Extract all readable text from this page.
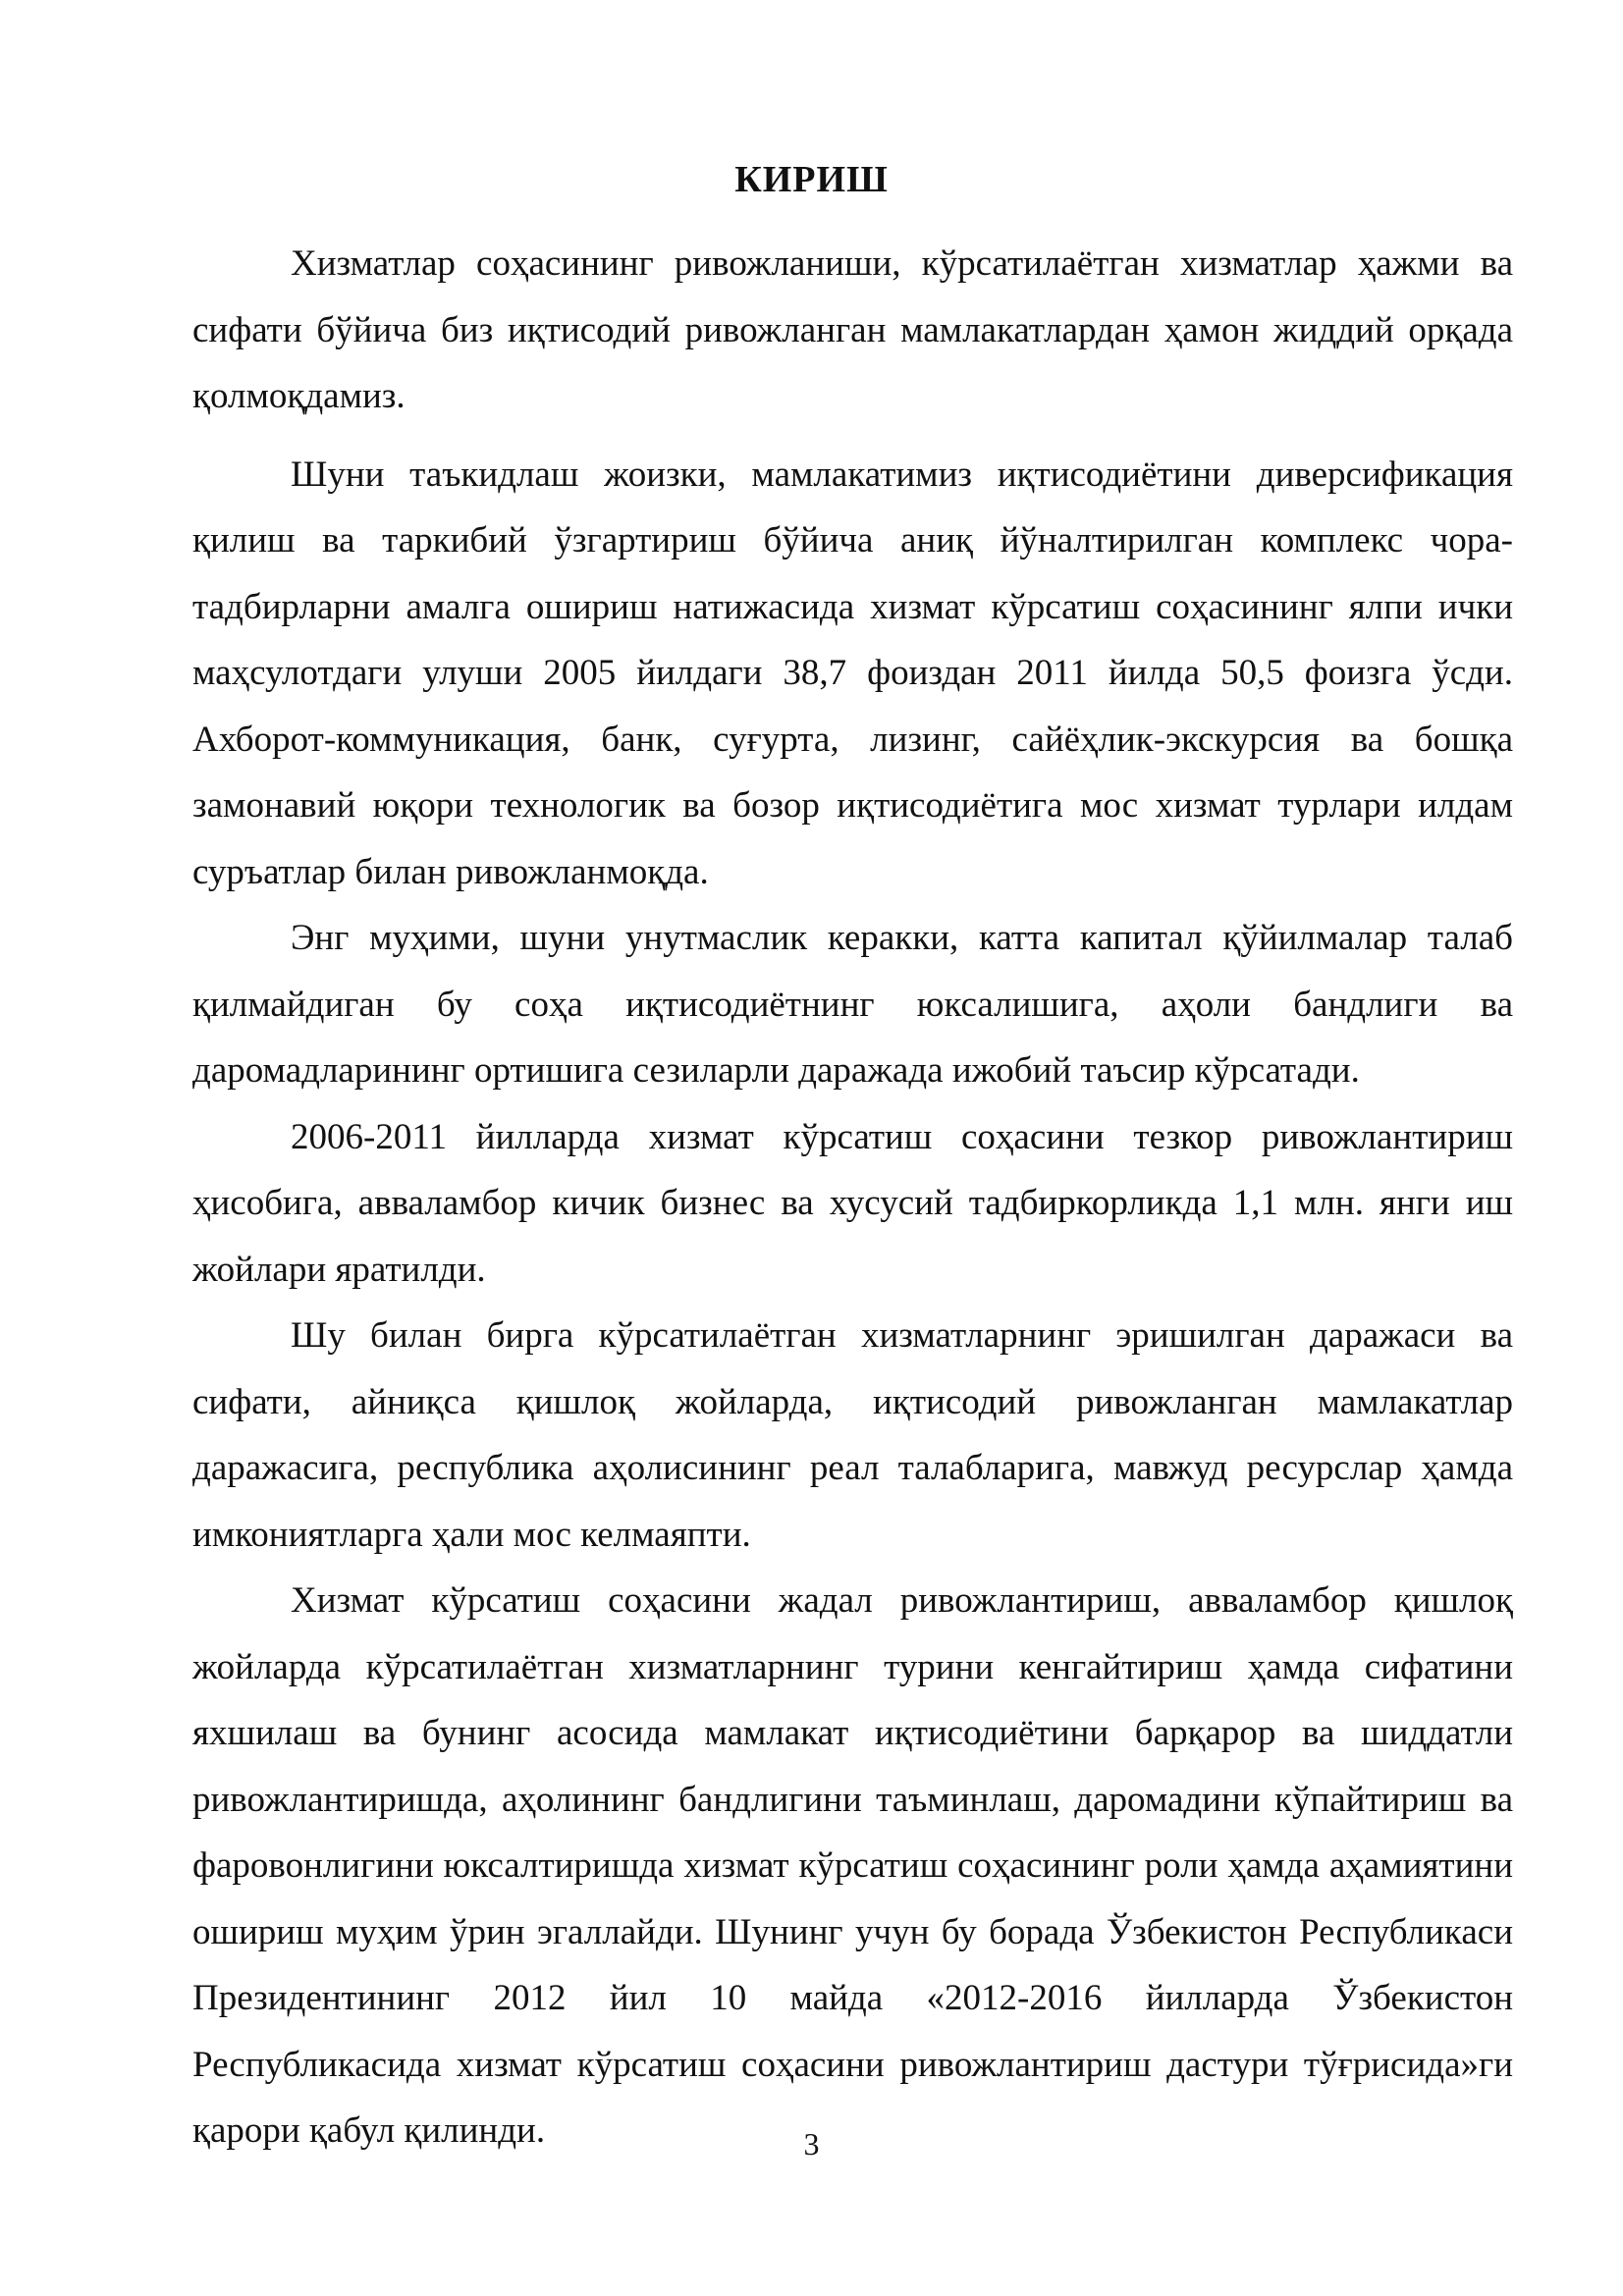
КИРИШ

Хизматлар соҳасининг ривожланиши, кўрсатилаётган хизматлар ҳажми ва сифати бўйича биз иқтисодий ривожланган мамлакатлардан ҳамон жиддий орқада қолмоқдамиз.

Шуни таъкидлаш жоизки, мамлакатимиз иқтисодиётини диверсификация қилиш ва таркибий ўзгартириш бўйича аниқ йўналтирилган комплекс чора-тадбирларни амалга ошириш натижасида хизмат кўрсатиш соҳасининг ялпи ички маҳсулотдаги улуши 2005 йилдаги 38,7 фоиздан 2011 йилда 50,5 фоизга ўсди. Ахборот-коммуникация, банк, суғурта, лизинг, сайёҳлик-экскурсия ва бошқа замонавий юқори технологик ва бозор иқтисодиётига мос хизмат турлари илдам суръатлар билан ривожланмоқда.

Энг муҳими, шуни унутмаслик керакки, катта капитал қўйилмалар талаб қилмайдиган бу соҳа иқтисодиётнинг юксалишига, аҳоли бандлиги ва даромадларининг ортишига сезиларли даражада ижобий таъсир кўрсатади.

2006-2011 йилларда хизмат кўрсатиш соҳасини тезкор ривожлантириш ҳисобига, авваламбор кичик бизнес ва хусусий тадбиркорликда 1,1 млн. янги иш жойлари яратилди.

Шу билан бирга кўрсатилаётган хизматларнинг эришилган даражаси ва сифати, айниқса қишлоқ жойларда, иқтисодий ривожланган мамлакатлар даражасига, республика аҳолисининг реал талабларига, мавжуд ресурслар ҳамда имкониятларга ҳали мос келмаяпти.

Хизмат кўрсатиш соҳасини жадал ривожлантириш, авваламбор қишлоқ жойларда кўрсатилаётган хизматларнинг турини кенгайтириш ҳамда сифатини яхшилаш ва бунинг асосида мамлакат иқтисодиётини барқарор ва шиддатли ривожлантиришда, аҳолининг бандлигини таъминлаш, даромадини кўпайтириш ва фаровонлигини юксалтиришда хизмат кўрсатиш соҳасининг роли ҳамда аҳамиятини ошириш муҳим ўрин эгаллайди. Шунинг учун бу борада Ўзбекистон Республикаси Президентининг 2012 йил 10 майда «2012-2016 йилларда Ўзбекистон Республикасида хизмат кўрсатиш соҳасини ривожлантириш дастури тўғрисида»ги қарори қабул қилинди.	3
